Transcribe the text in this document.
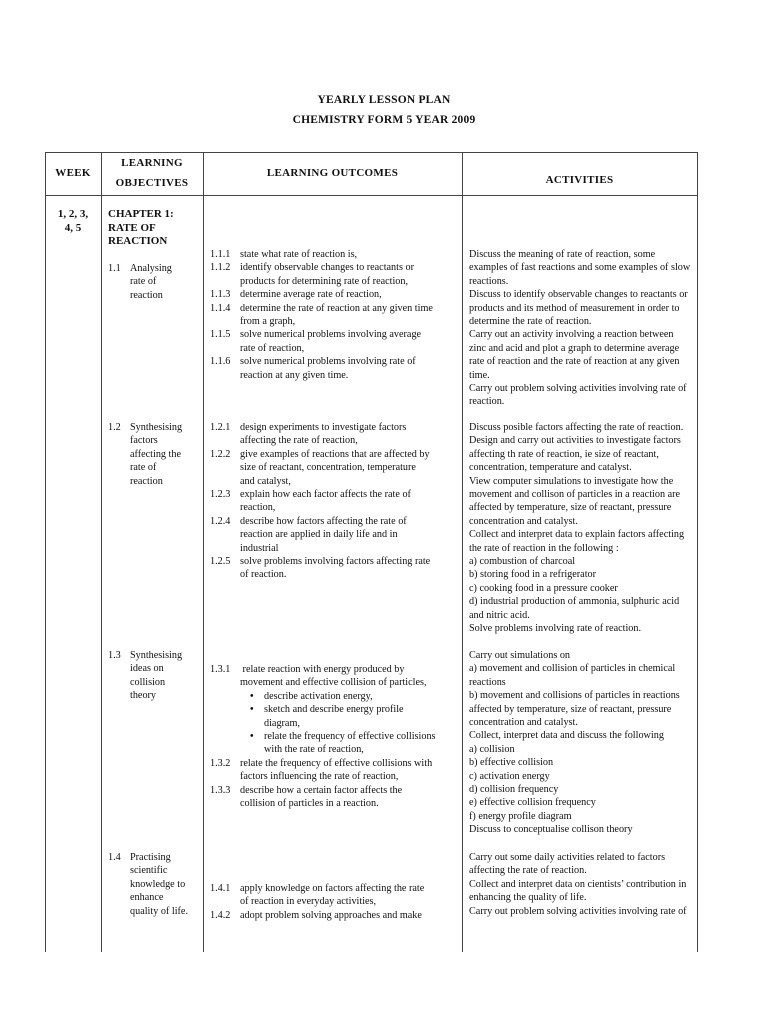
YEARLY LESSON PLAN
CHEMISTRY FORM 5 YEAR 2009
WEEK
LEARNING
OBJECTIVES
LEARNING OUTCOMES
ACTIVITIES
1, 2, 3,
4, 5
CHAPTER 1:
RATE OF
REACTION
1.1 Analysing
rate of
reaction
1.2 Synthesising
factors
affecting the
rate of
reaction
1.3 Synthesising
ideas on
collision
theory
1.4 Practising
scientific
knowledge to
enhance
quality of life.
1.1.1 state what rate of reaction is,
1.1.2 identify observable changes to reactants or
products for determining rate of reaction,
1.1.3 determine average rate of reaction,
1.1.4 determine the rate of reaction at any given time
from a graph,
1.1.5 solve numerical problems involving average
rate of reaction,
1.1.6 solve numerical problems involving rate of
reaction at any given time.
1.2.1 design experiments to investigate factors
affecting the rate of reaction,
1.2.2 give examples of reactions that are affected by
size of reactant, concentration, temperature
and catalyst,
1.2.3 explain how each factor affects the rate of
reaction,
1.2.4 describe how factors affecting the rate of
reaction are applied in daily life and in
industrial
1.2.5 solve problems involving factors affecting rate
of reaction.
1.3.1 relate reaction with energy produced by
movement and effective collision of particles,
• describe activation energy,
• sketch and describe energy profile
diagram,
• relate the frequency of effective collisions
with the rate of reaction,
1.3.2 relate the frequency of effective collisions with
factors influencing the rate of reaction,
1.3.3 describe how a certain factor affects the
collision of particles in a reaction.
1.4.1 apply knowledge on factors affecting the rate
of reaction in everyday activities,
1.4.2 adopt problem solving approaches and make
Discuss the meaning of rate of reaction, some
examples of fast reactions and some examples of slow
reactions.
Discuss to identify observable changes to reactants or
products and its method of measurement in order to
determine the rate of reaction.
Carry out an activity involving a reaction between
zinc and acid and plot a graph to determine average
rate of reaction and the rate of reaction at any given
time.
Carry out problem solving activities involving rate of
reaction.
Discuss posible factors affecting the rate of reaction.
Design and carry out activities to investigate factors
affecting th rate of reaction, ie size of reactant,
concentration, temperature and catalyst.
View computer simulations to investigate how the
movement and collison of particles in a reaction are
affected by temperature, size of reactant, pressure
concentration and catalyst.
Collect and interpret data to explain factors affecting
the rate of reaction in the following :
a) combustion of charcoal
b) storing food in a refrigerator
c) cooking food in a pressure cooker
d) industrial production of ammonia, sulphuric acid
and nitric acid.
Solve problems involving rate of reaction.
Carry out simulations on
a) movement and collision of particles in chemical
reactions
b) movement and collisions of particles in reactions
affected by temperature, size of reactant, pressure
concentration and catalyst.
Collect, interpret data and discuss the following
a) collision
b) effective collision
c) activation energy
d) collision frequency
e) effective collision frequency
f) energy profile diagram
Discuss to conceptualise collison theory
Carry out some daily activities related to factors
affecting the rate of reaction.
Collect and interpret data on cientists’ contribution in
enhancing the quality of life.
Carry out problem solving activities involving rate of
